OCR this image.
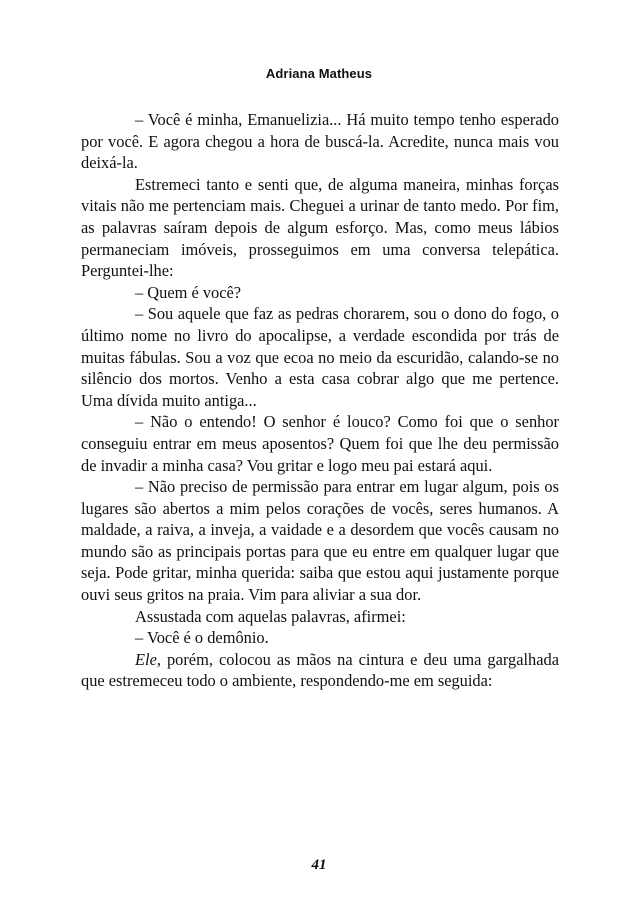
Adriana Matheus

– Você é minha, Emanuelizia... Há muito tempo tenho esperado por você. E agora chegou a hora de buscá-la. Acredite, nunca mais vou deixá-la.

Estremeci tanto e senti que, de alguma maneira, minhas forças vitais não me pertenciam mais. Cheguei a urinar de tanto medo. Por fim, as palavras saíram depois de algum esforço. Mas, como meus lábios permaneciam imóveis, prosseguimos em uma conversa telepática. Perguntei-lhe:

– Quem é você?

– Sou aquele que faz as pedras chorarem, sou o dono do fogo, o último nome no livro do apocalipse, a verdade escondida por trás de muitas fábulas. Sou a voz que ecoa no meio da escuridão, calando-se no silêncio dos mortos. Venho a esta casa cobrar algo que me pertence. Uma dívida muito antiga...

– Não o entendo! O senhor é louco? Como foi que o senhor conseguiu entrar em meus aposentos? Quem foi que lhe deu permissão de invadir a minha casa? Vou gritar e logo meu pai estará aqui.

– Não preciso de permissão para entrar em lugar algum, pois os lugares são abertos a mim pelos corações de vocês, seres humanos. A maldade, a raiva, a inveja, a vaidade e a desordem que vocês causam no mundo são as principais portas para que eu entre em qualquer lugar que seja. Pode gritar, minha querida: saiba que estou aqui justamente porque ouvi seus gritos na praia. Vim para aliviar a sua dor.

Assustada com aquelas palavras, afirmei:

– Você é o demônio.

Ele, porém, colocou as mãos na cintura e deu uma gargalhada que estremeceu todo o ambiente, respondendo-me em seguida:

41
